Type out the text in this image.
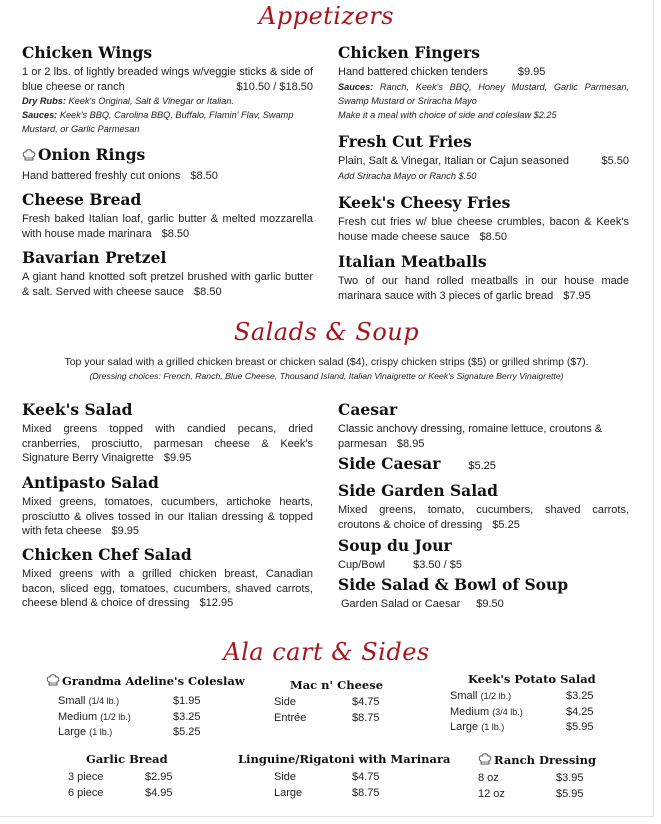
Appetizers
Chicken Wings
1 or 2 lbs. of lightly breaded wings w/veggie sticks & side of blue cheese or ranch	$10.50 / $18.50
Dry Rubs: Keek's Original, Salt & Vinegar or Italian.
Sauces: Keek's BBQ, Carolina BBQ, Buffalo, Flamin' Flav, Swamp Mustard, or Garlic Parmesan
Onion Rings
Hand battered freshly cut onions $8.50
Cheese Bread
Fresh baked Italian loaf, garlic butter & melted mozzarella with house made marinara $8.50
Bavarian Pretzel
A giant hand knotted soft pretzel brushed with garlic butter & salt. Served with cheese sauce $8.50
Chicken Fingers
Hand battered chicken tenders	$9.95
Sauces: Ranch, Keek's BBQ, Honey Mustard, Garlic Parmesan, Swamp Mustard or Sriracha Mayo
Make it a meal with choice of side and coleslaw $2.25
Fresh Cut Fries
Plain, Salt & Vinegar, Italian or Cajun seasoned	$5.50
Add Sriracha Mayo or Ranch $.50
Keek's Cheesy Fries
Fresh cut fries w/ blue cheese crumbles, bacon & Keek's house made cheese sauce $8.50
Italian Meatballs
Two of our hand rolled meatballs in our house made marinara sauce with 3 pieces of garlic bread $7.95
Salads & Soup
Top your salad with a grilled chicken breast or chicken salad ($4), crispy chicken strips ($5) or grilled shrimp ($7).
(Dressing choices: French, Ranch, Blue Cheese, Thousand Island, Italian Vinaigrette or Keek's Signature Berry Vinaigrette)
Keek's Salad
Mixed greens topped with candied pecans, dried cranberries, prosciutto, parmesan cheese & Keek's Signature Berry Vinaigrette $9.95
Antipasto Salad
Mixed greens, tomatoes, cucumbers, artichoke hearts, prosciutto & olives tossed in our Italian dressing & topped with feta cheese $9.95
Chicken Chef Salad
Mixed greens with a grilled chicken breast, Canadian bacon, sliced egg, tomatoes, cucumbers, shaved carrots, cheese blend & choice of dressing $12.95
Caesar
Classic anchovy dressing, romaine lettuce, croutons & parmesan $8.95
Side Caesar	$5.25
Side Garden Salad
Mixed greens, tomato, cucumbers, shaved carrots, croutons & choice of dressing $5.25
Soup du Jour
Cup/Bowl	$3.50 / $5
Side Salad & Bowl of Soup
Garden Salad or Caesar $9.50
Ala cart & Sides
Grandma Adeline's Coleslaw
Small
(1/4 lb.)	$1.95
Medium
(1/2 lb.)	$3.25
Large
(1 lb.)	$5.25
Mac n' Cheese
Side	$4.75
Entrée	$8.75
Keek's Potato Salad
Small
(1/2 lb.)	$3.25
Medium
(3/4 lb.)	$4.25
Large
(1 lb.)	$5.95
Garlic Bread
3 piece	$2.95
6 piece	$4.95
Linguine/Rigatoni with Marinara
Side	$4.75
Large	$8.75
Ranch Dressing
8 oz	$3.95
12 oz	$5.95
